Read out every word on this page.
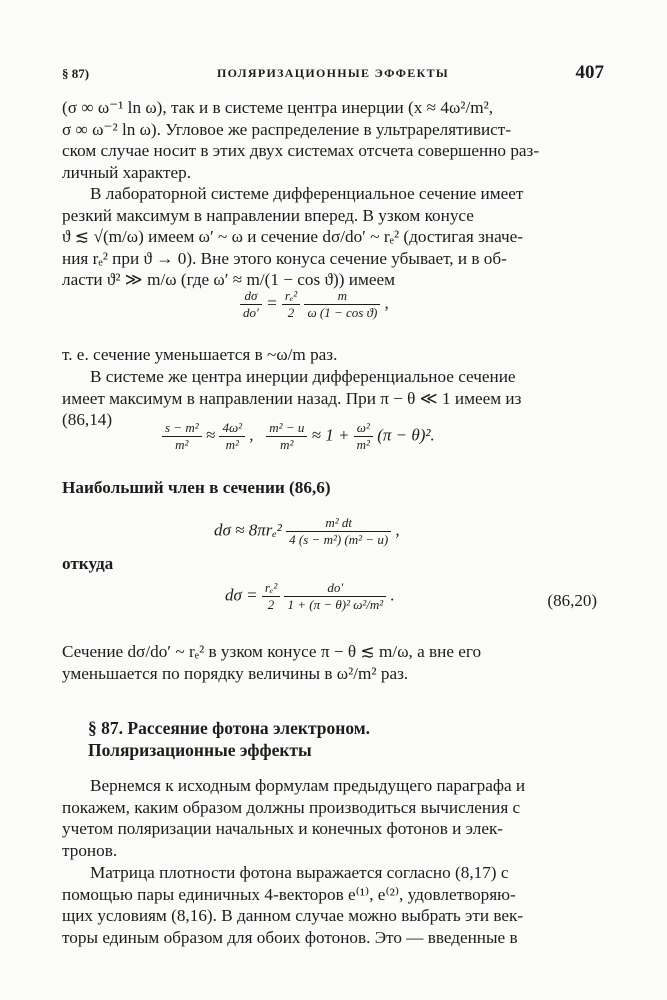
§ 87)	ПОЛЯРИЗАЦИОННЫЕ ЭФФЕКТЫ	407
(σ ∞ ω⁻¹ ln ω), так и в системе центра инерции (x ≈ 4ω²/m²,
σ ∞ ω⁻² ln ω). Угловое же распределение в ультрарелятивист-
ском случае носит в этих двух системах отсчета совершенно раз-
личный характер.
В лабораторной системе дифференциальное сечение имеет
резкий максимум в направлении вперед. В узком конусе
ϑ ≲ √(m/ω) имеем ω′ ~ ω и сечение dσ/do′ ~ rₑ² (достигая значе-
ния rₑ² при ϑ → 0). Вне этого конуса сечение убывает, и в об-
ласти ϑ² ≫ m/ω (где ω′ ≈ m/(1 − cos ϑ)) имеем
$\frac{d\sigma}{do'} = \frac{\text{rₑ²}}{2}$
$\frac{m}{\text{ω (1 − cos ϑ)}}$ ,
т. е. сечение уменьшается в ~ω/m раз.
В системе же центра инерции дифференциальное сечение
имеет максимум в направлении назад. При π − θ ≪ 1 имеем из
(86,14)
$\frac{\text{s − m²}}{\text{m²}} \approx \frac{\text{4ω²}}{\text{m²}}$ , $\frac{\text{m² − u}}{\text{m²}} \approx 1 + \frac{\text{ω²}}{\text{m²}} (\pi - \theta)^2$.
Наибольший член в сечении (86,6)
$d\sigma \approx 8\pi r_e^2 \frac{\text{m² dt}}{\text{4 (s − m²) (m² − u)}}$ ,
откуда
$d\sigma = \frac{\text{rₑ²}}{2}$
$\frac{do'}{\text{1 + (π − θ)² ω²/m²}}$ .	(86,20)
Сечение dσ/do′ ~ rₑ² в узком конусе π − θ ≲ m/ω, а вне его
уменьшается по порядку величины в ω²/m² раз.
§ 87. Рассеяние фотона электроном.
Поляризационные эффекты
Вернемся к исходным формулам предыдущего параграфа и
покажем, каким образом должны производиться вычисления с
учетом поляризации начальных и конечных фотонов и элек-
тронов.
Матрица плотности фотона выражается согласно (8,17) с
помощью пары единичных 4-векторов e⁽¹⁾, e⁽²⁾, удовлетворяю-
щих условиям (8,16). В данном случае можно выбрать эти век-
торы единым образом для обоих фотонов. Это — введенные в
